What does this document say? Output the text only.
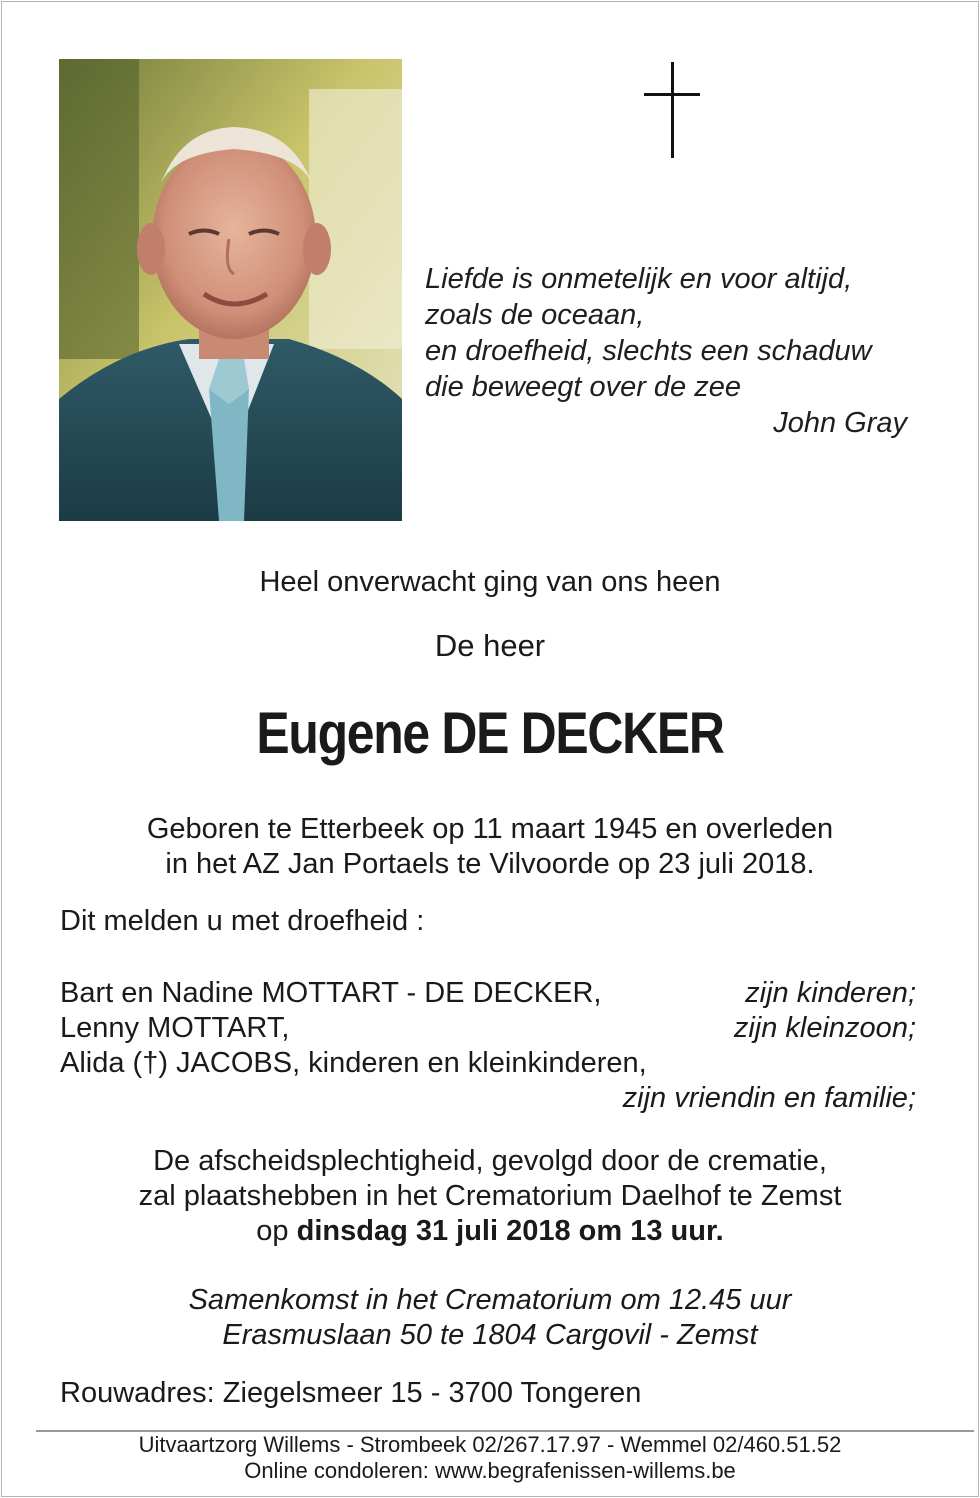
Liefde is onmetelijk en voor altijd,
zoals de oceaan,
en droefheid, slechts een schaduw
die beweegt over de zee
John Gray
Heel onverwacht ging van ons heen
De heer
Eugene DE DECKER
Geboren te Etterbeek op 11 maart 1945 en overleden
in het AZ Jan Portaels te Vilvoorde op 23 juli 2018.
Dit melden u met droefheid :
Bart en Nadine MOTTART - DE DECKER,	zijn kinderen;
Lenny MOTTART,	zijn kleinzoon;
Alida (†) JACOBS, kinderen en kleinkinderen,
zijn vriendin en familie;
De afscheidsplechtigheid, gevolgd door de crematie,
zal plaatshebben in het Crematorium Daelhof te Zemst
op dinsdag 31 juli 2018 om 13 uur.
Samenkomst in het Crematorium om 12.45 uur
Erasmuslaan 50 te 1804 Cargovil - Zemst
Rouwadres: Ziegelsmeer 15 - 3700 Tongeren
Uitvaartzorg Willems - Strombeek 02/267.17.97 - Wemmel 02/460.51.52
Online condoleren: www.begrafenissen-willems.be
